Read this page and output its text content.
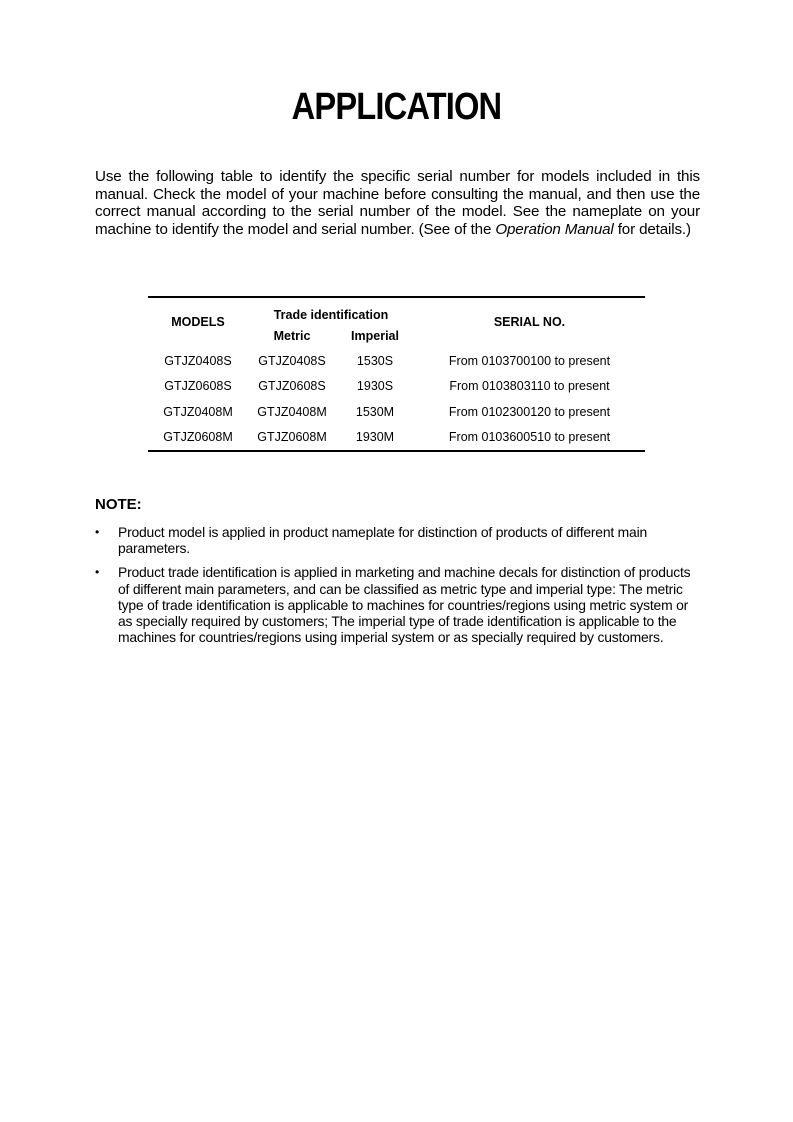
APPLICATION

Use the following table to identify the specific serial number for models included in this manual. Check the model of your machine before consulting the manual, and then use the correct manual according to the serial number of the model. See the nameplate on your machine to identify the model and serial number. (See of the Operation Manual for details.)

MODELS	Trade identification		SERIAL NO.
	Metric	Imperial	
GTJZ0408S	GTJZ0408S	1530S	From 0103700100 to present
GTJZ0608S	GTJZ0608S	1930S	From 0103803110 to present
GTJZ0408M	GTJZ0408M	1530M	From 0102300120 to present
GTJZ0608M	GTJZ0608M	1930M	From 0103600510 to present
NOTE:
• Product model is applied in product nameplate for distinction of products of different main parameters.
• Product trade identification is applied in marketing and machine decals for distinction of products of different main parameters, and can be classified as metric type and imperial type: The metric type of trade identification is applicable to machines for countries/regions using metric system or as specially required by customers; The imperial type of trade identification is applicable to the machines for countries/regions using imperial system or as specially required by customers.
